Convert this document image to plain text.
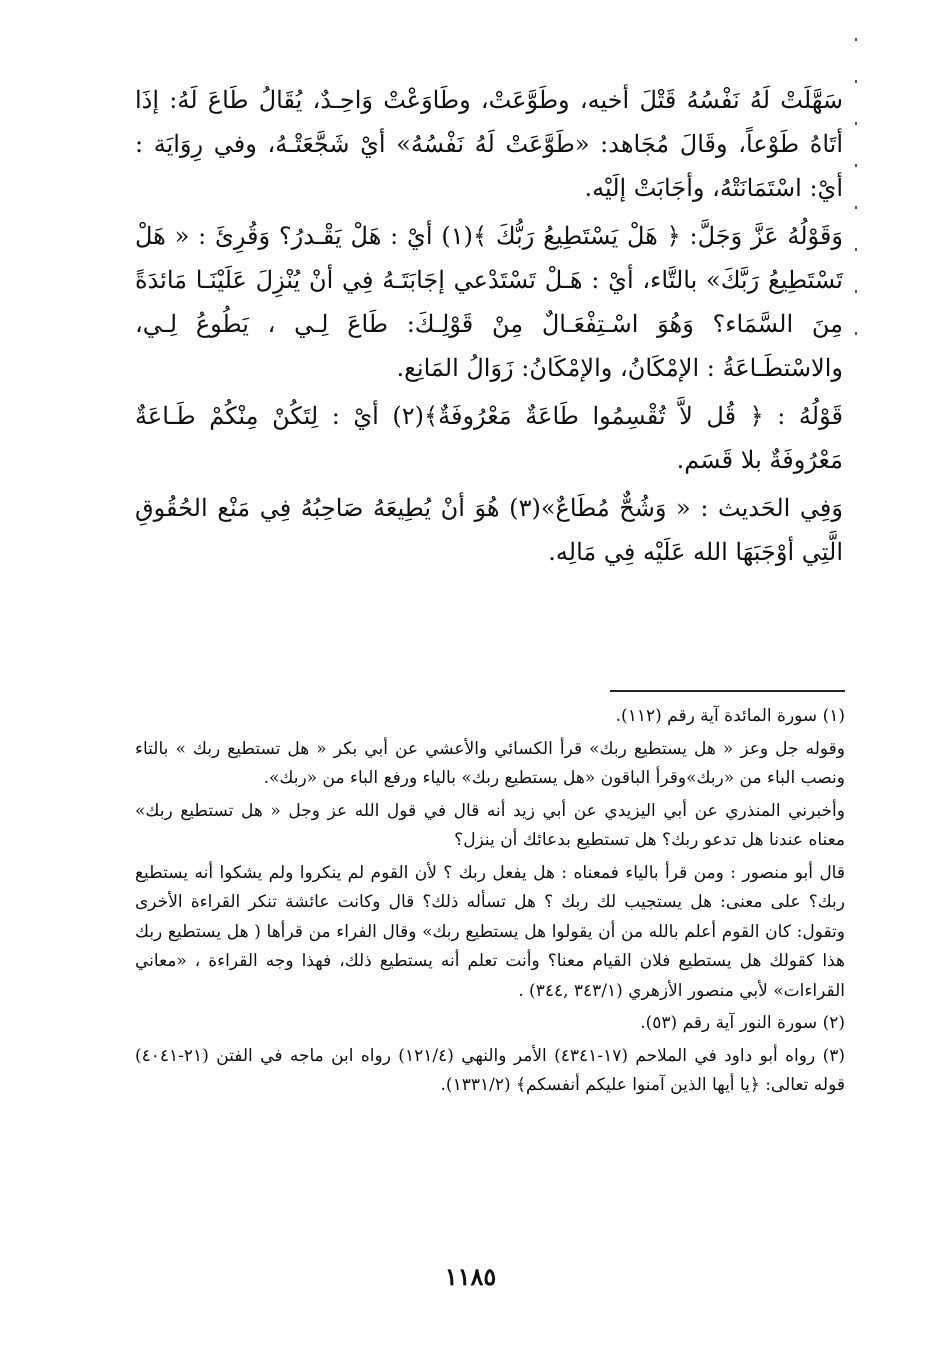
سَهَّلَتْ لَهُ نَفْسُهُ قَتْلَ أخيه، وطَوَّعَتْ، وطَاوَعْتْ وَاحِـدٌ، يُقَالُ طَاعَ لَهُ: إذَا أتَاهُ طَوْعاً، وقَالَ مُجَاهد: «طَوَّعَتْ لَهُ نَفْسُهُ» أيْ شَجَّعَتْـهُ، وفي رِوَايَة : أيْ: اسْتَمَانَتْهُ، وأجَابَتْ إلَيْه.

وَقَوْلُهُ عَزَّ وَجَلَّ: ﴿ هَلْ يَسْتَطِيعُ رَبُّكَ ﴾(١) أيْ : هَلْ يَقْـدرُ؟ وَقُرِئَ : « هَلْ تَسْتَطِيعُ رَبَّكَ» بالتَّاء، أيْ : هَـلْ تَسْتَدْعي إجَابَتَـهُ فِي أنْ يُنْزِلَ عَلَيْنَـا مَائدَةً مِنَ السَّمَاء؟ وَهُوَ اسْـتِفْعَـالٌ مِنْ قَوْلِـكَ: طَاعَ لِـي ، يَطُوعُ لِـي، والاسْتطَـاعَةُ : الإمْكَانُ، والإمْكَانُ: زَوَالُ المَانِع.

قَوْلُهُ : ﴿ قُل لاَّ تُقْسِمُوا طَاعَةٌ مَعْرُوفَةٌ﴾(٢) أيْ : لِتَكُنْ مِنْكُمْ طَـاعَةٌ مَعْرُوفَةٌ بلا قَسَم.

وَفِي الحَديث : « وَشُحٌّ مُطَاعٌ»(٣) هُوَ أنْ يُطِيعَهُ صَاحِبُهُ فِي مَنْع الحُقُوقِ الَّتِي أوْجَبَهَا الله عَلَيْه فِي مَالِه.

(١) سورة المائدة آية رقم (١١٢).

وقوله جل وعز « هل يستطيع ربك» قرأ الكسائي والأعشي عن أبي بكر « هل تستطيع ربك » بالتاء ونصب الباء من «ربك»وقرأ الباقون «هل يستطيع ربك» بالياء ورفع الباء من «ربك».

وأخبرني المنذري عن أبي اليزيدي عن أبي زيد أنه قال في قول الله عز وجل « هل تستطيع ربك» معناه عندنا هل تدعو ربك؟ هل تستطيع بدعائك أن ينزل؟

قال أبو منصور : ومن قرأ بالياء فمعناه : هل يفعل ربك ؟ لأن القوم لم ينكروا ولم يشكوا أنه يستطيع ربك؟ على معنى: هل يستجيب لك ربك ؟ هل تسأله ذلك؟ قال وكانت عائشة تنكر القراءة الأخرى وتقول: كان القوم أعلم بالله من أن يقولوا هل يستطيع ربك» وقال الفراء من قرأها ( هل يستطيع ربك هذا كقولك هل يستطيع فلان القيام معنا؟ وأنت تعلم أنه يستطيع ذلك، فهذا وجه القراءة ، «معاني القراءات» لأبي منصور الأزهري (٣٤٣/١ ,٣٤٤) .

(٢) سورة النور آية رقم (٥٣).

(٣) رواه أبو داود في الملاحم (١٧-٤٣٤١) الأمر والنهي (١٢١/٤) رواه ابن ماجه في الفتن (٢١-٤٠٤١) قوله تعالى: ﴿يا أيها الذين آمنوا عليكم أنفسكم﴾ (١٣٣١/٢).

١١٨٥
